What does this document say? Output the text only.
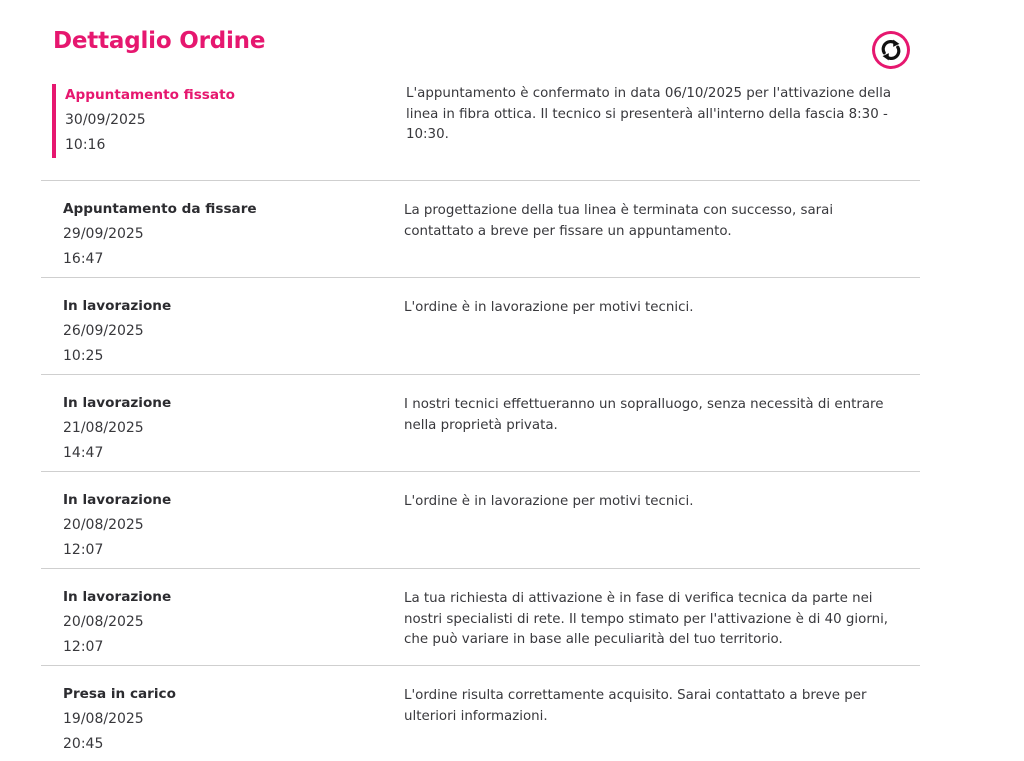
Dettaglio Ordine
Appuntamento fissato
30/09/2025
10:16
L'appuntamento è confermato in data 06/10/2025 per l'attivazione della linea in fibra ottica. Il tecnico si presenterà all'interno della fascia 8:30 - 10:30.
Appuntamento da fissare
29/09/2025
16:47
La progettazione della tua linea è terminata con successo, sarai contattato a breve per fissare un appuntamento.
In lavorazione
26/09/2025
10:25
L'ordine è in lavorazione per motivi tecnici.
In lavorazione
21/08/2025
14:47
I nostri tecnici effettueranno un sopralluogo, senza necessità di entrare nella proprietà privata.
In lavorazione
20/08/2025
12:07
L'ordine è in lavorazione per motivi tecnici.
In lavorazione
20/08/2025
12:07
La tua richiesta di attivazione è in fase di verifica tecnica da parte nei nostri specialisti di rete. Il tempo stimato per l'attivazione è di 40 giorni, che può variare in base alle peculiarità del tuo territorio.
Presa in carico
19/08/2025
20:45
L'ordine risulta correttamente acquisito. Sarai contattato a breve per ulteriori informazioni.
